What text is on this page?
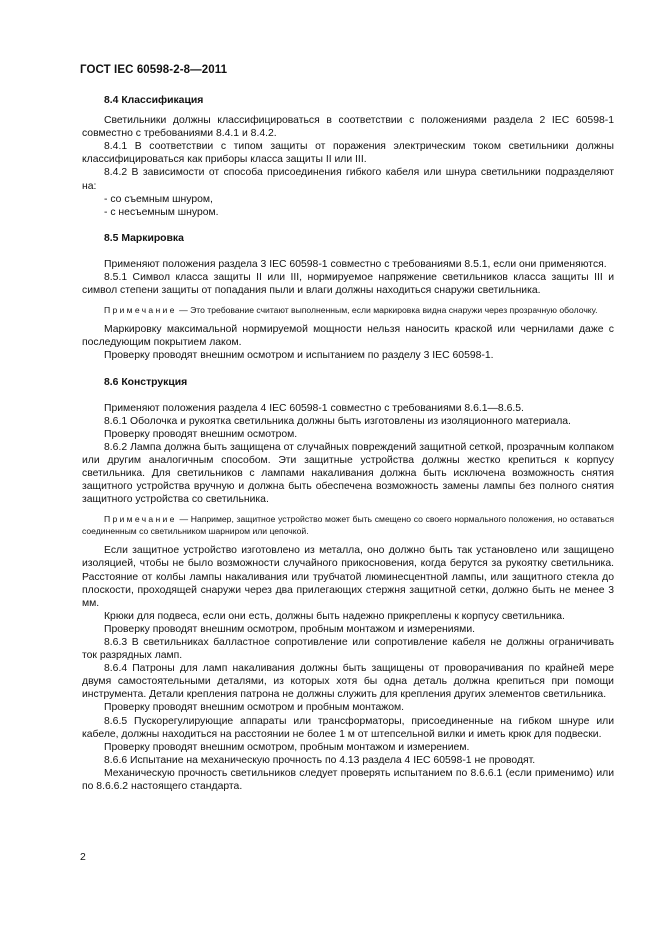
ГОСТ IEC 60598-2-8—2011

8.4 Классификация

Светильники должны классифицироваться в соответствии с положениями раздела 2 IEC 60598-1 совместно с требованиями 8.4.1 и 8.4.2.

8.4.1 В соответствии с типом защиты от поражения электрическим током светильники должны классифицироваться как приборы класса защиты II или III.

8.4.2 В зависимости от способа присоединения гибкого кабеля или шнура светильники подразделяют на:

- со съемным шнуром,

- с несъемным шнуром.

8.5 Маркировка

Применяют положения раздела 3 IEC 60598-1 совместно с требованиями 8.5.1, если они применяются.

8.5.1 Символ класса защиты II или III, нормируемое напряжение светильников класса защиты III и символ степени защиты от попадания пыли и влаги должны находиться снаружи светильника.

Примечание — Это требование считают выполненным, если маркировка видна снаружи через прозрачную оболочку.

Маркировку максимальной нормируемой мощности нельзя наносить краской или чернилами даже с последующим покрытием лаком.

Проверку проводят внешним осмотром и испытанием по разделу 3 IEC 60598-1.

8.6 Конструкция

Применяют положения раздела 4 IEC 60598-1 совместно с требованиями 8.6.1—8.6.5.

8.6.1 Оболочка и рукоятка светильника должны быть изготовлены из изоляционного материала.

Проверку проводят внешним осмотром.

8.6.2 Лампа должна быть защищена от случайных повреждений защитной сеткой, прозрачным колпаком или другим аналогичным способом. Эти защитные устройства должны жестко крепиться к корпусу светильника. Для светильников с лампами накаливания должна быть исключена возможность снятия защитного устройства вручную и должна быть обеспечена возможность замены лампы без полного снятия защитного устройства со светильника.

Примечание — Например, защитное устройство может быть смещено со своего нормального положения, но оставаться соединенным со светильником шарниром или цепочкой.

Если защитное устройство изготовлено из металла, оно должно быть так установлено или защищено изоляцией, чтобы не было возможности случайного прикосновения, когда берутся за рукоятку светильника. Расстояние от колбы лампы накаливания или трубчатой люминесцентной лампы, или защитного стекла до плоскости, проходящей снаружи через два прилегающих стержня защитной сетки, должно быть не менее 3 мм.

Крюки для подвеса, если они есть, должны быть надежно прикреплены к корпусу светильника.

Проверку проводят внешним осмотром, пробным монтажом и измерениями.

8.6.3 В светильниках балластное сопротивление или сопротивление кабеля не должны ограничивать ток разрядных ламп.

8.6.4 Патроны для ламп накаливания должны быть защищены от проворачивания по крайней мере двумя самостоятельными деталями, из которых хотя бы одна деталь должна крепиться при помощи инструмента. Детали крепления патрона не должны служить для крепления других элементов светильника.

Проверку проводят внешним осмотром и пробным монтажом.

8.6.5 Пускорегулирующие аппараты или трансформаторы, присоединенные на гибком шнуре или кабеле, должны находиться на расстоянии не более 1 м от штепсельной вилки и иметь крюк для подвески.

Проверку проводят внешним осмотром, пробным монтажом и измерением.

8.6.6 Испытание на механическую прочность по 4.13 раздела 4 IEC 60598-1 не проводят.

Механическую прочность светильников следует проверять испытанием по 8.6.6.1 (если применимо) или по 8.6.6.2 настоящего стандарта.

2
